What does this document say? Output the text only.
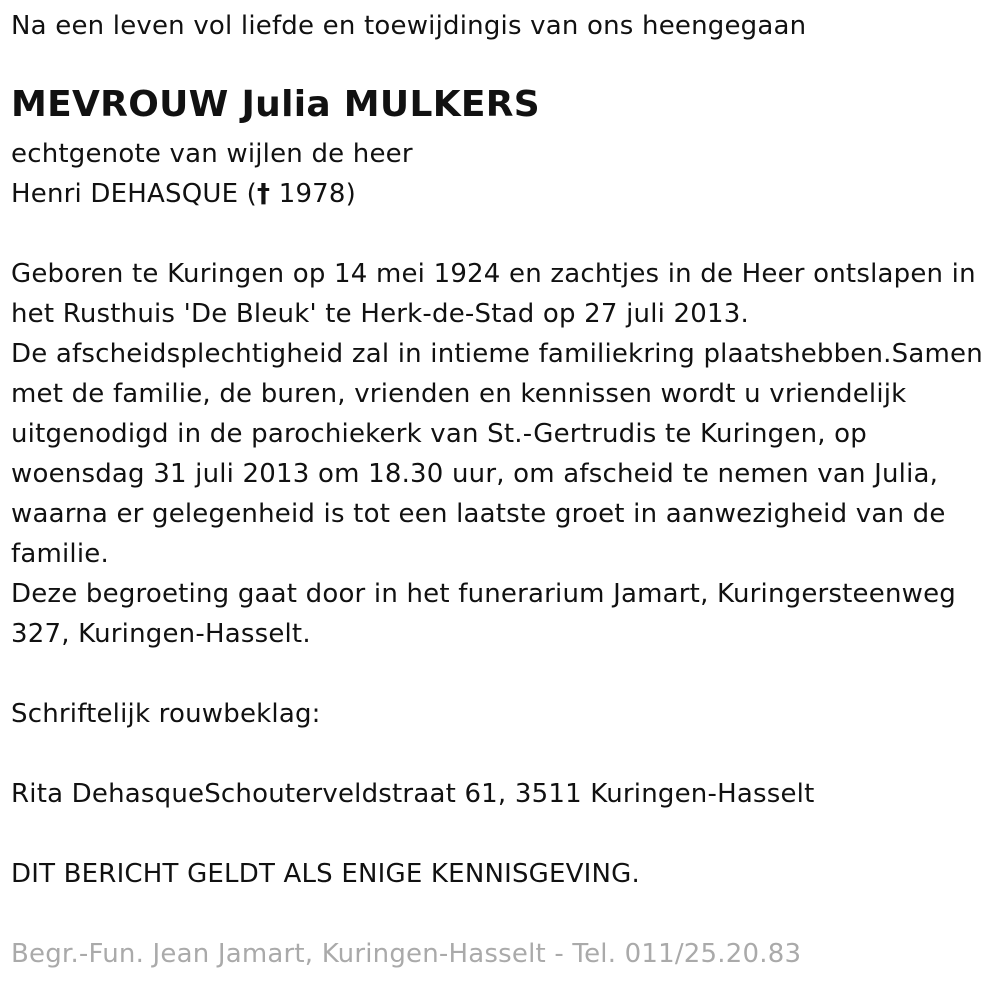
Na een leven vol liefde en toewijdingis van ons heengegaan
MEVROUW Julia MULKERS
echtgenote van wijlen de heer
Henri DEHASQUE († 1978)
Geboren te Kuringen op 14 mei 1924 en zachtjes in de Heer ontslapen in
het Rusthuis 'De Bleuk' te Herk-de-Stad op 27 juli 2013.
De afscheidsplechtigheid zal in intieme familiekring plaatshebben.Samen
met de familie, de buren, vrienden en kennissen wordt u vriendelijk
uitgenodigd in de parochiekerk van St.-Gertrudis te Kuringen, op
woensdag 31 juli 2013 om 18.30 uur, om afscheid te nemen van Julia,
waarna er gelegenheid is tot een laatste groet in aanwezigheid van de
familie.
Deze begroeting gaat door in het funerarium Jamart, Kuringersteenweg
327, Kuringen-Hasselt.
Schriftelijk rouwbeklag:
Rita DehasqueSchouterveldstraat 61, 3511 Kuringen-Hasselt
DIT BERICHT GELDT ALS ENIGE KENNISGEVING.
Begr.-Fun. Jean Jamart, Kuringen-Hasselt - Tel. 011/25.20.83
